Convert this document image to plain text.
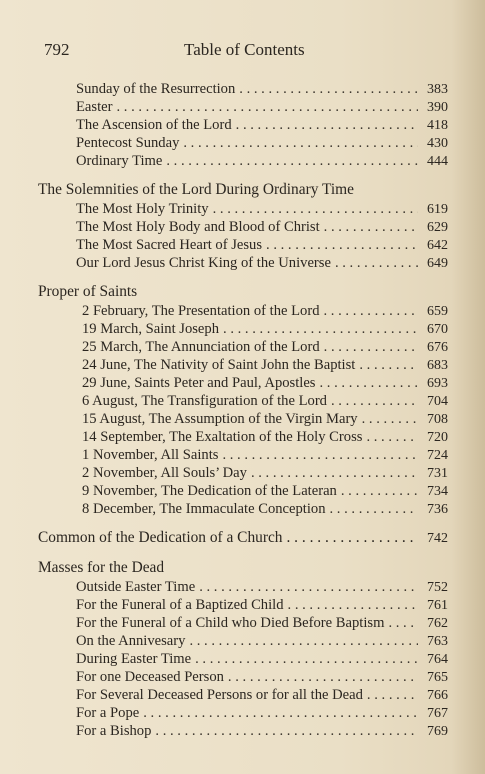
792	Table of Contents
Sunday of the Resurrection . . .	383
Easter . . .	390
The Ascension of the Lord . . .	418
Pentecost Sunday . . .	430
Ordinary Time . . .	444
The Solemnities of the Lord During Ordinary Time
The Most Holy Trinity . . .	619
The Most Holy Body and Blood of Christ . . .	629
The Most Sacred Heart of Jesus . . .	642
Our Lord Jesus Christ King of the Universe . . .	649
Proper of Saints
2 February, The Presentation of the Lord . . .	659
19 March, Saint Joseph . . .	670
25 March, The Annunciation of the Lord . . .	676
24 June, The Nativity of Saint John the Baptist . . .	683
29 June, Saints Peter and Paul, Apostles . . .	693
6 August, The Transfiguration of the Lord . . .	704
15 August, The Assumption of the Virgin Mary . . .	708
14 September, The Exaltation of the Holy Cross . . .	720
1 November, All Saints . . .	724
2 November, All Souls’ Day . . .	731
9 November, The Dedication of the Lateran . . .	734
8 December, The Immaculate Conception . . .	736
Common of the Dedication of a Church . . .	742
Masses for the Dead
Outside Easter Time . . .	752
For the Funeral of a Baptized Child . . .	761
For the Funeral of a Child who Died Before Baptism . . .	762
On the Annivesary . . .	763
During Easter Time . . .	764
For one Deceased Person . . .	765
For Several Deceased Persons or for all the Dead . . .	766
For a Pope . . .	767
For a Bishop . . .	769
